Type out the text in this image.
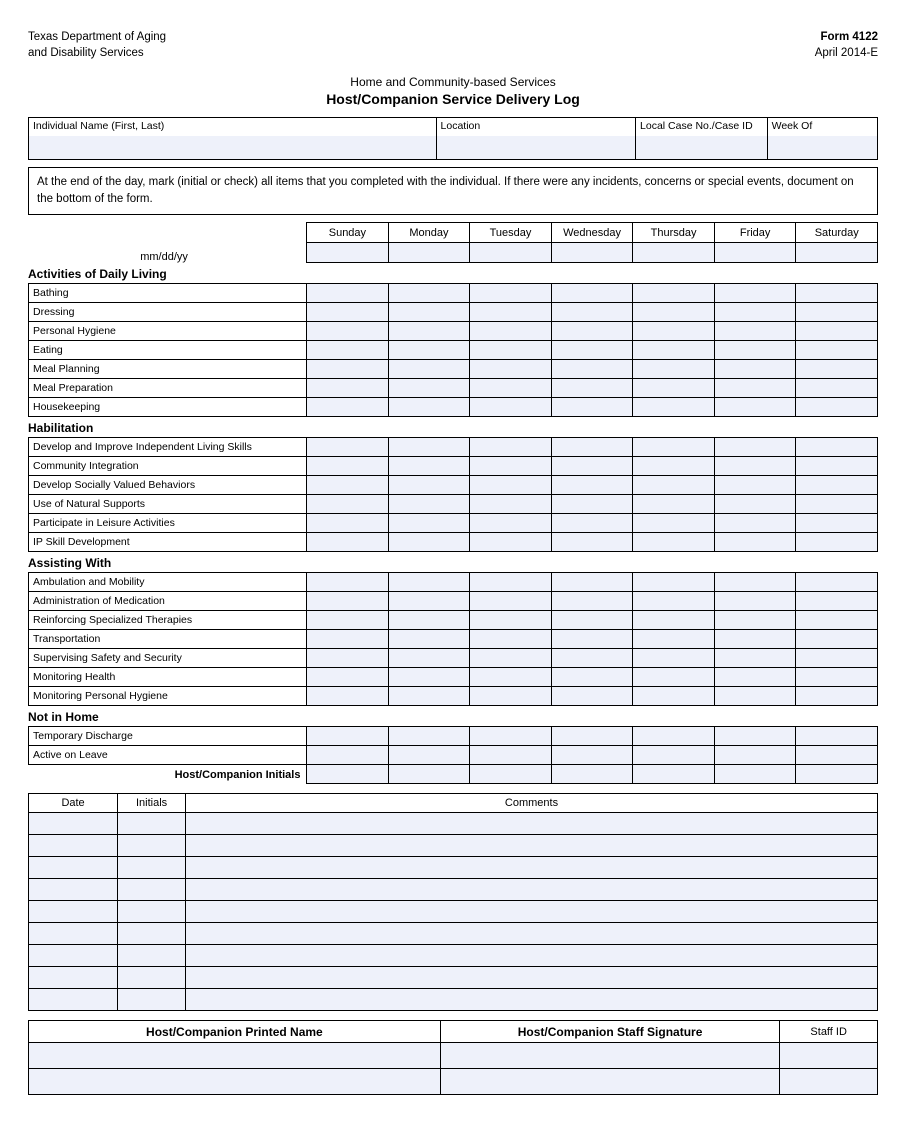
Texas Department of Aging
and Disability Services
Form 4122
April 2014-E
Home and Community-based Services
Host/Companion Service Delivery Log
Individual Name (First, Last)	Location	Local Case No./Case ID	Week Of

At the end of the day, mark (initial or check) all items that you completed with the individual. If there were any incidents, concerns or special events, document on the bottom of the form.
	Sunday	Monday	Tuesday	Wednesday	Thursday	Friday	Saturday
mm/dd/yy							
Activities of Daily Living
Bathing							
Dressing							
Personal Hygiene							
Eating							
Meal Planning							
Meal Preparation							
Housekeeping							
Habilitation
Develop and Improve Independent Living Skills							
Community Integration							
Develop Socially Valued Behaviors							
Use of Natural Supports							
Participate in Leisure Activities							
IP Skill Development							
Assisting With
Ambulation and Mobility							
Administration of Medication							
Reinforcing Specialized Therapies							
Transportation							
Supervising Safety and Security							
Monitoring Health							
Monitoring Personal Hygiene							
Not in Home
Temporary Discharge							
Active on Leave							
Host/Companion Initials							
Date	Initials	Comments

Host/Companion Printed Name	Host/Companion Staff Signature	Staff ID
